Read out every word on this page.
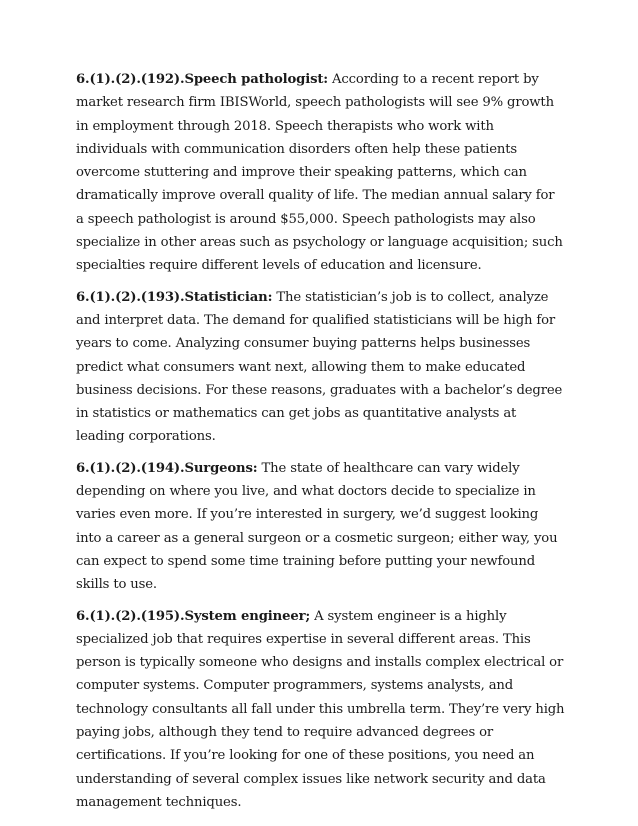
6.(1).(2).(192).Speech pathologist: According to a recent report by market research firm IBISWorld, speech pathologists will see 9% growth in employment through 2018. Speech therapists who work with individuals with communication disorders often help these patients overcome stuttering and improve their speaking patterns, which can dramatically improve overall quality of life. The median annual salary for a speech pathologist is around $55,000. Speech pathologists may also specialize in other areas such as psychology or language acquisition; such specialties require different levels of education and licensure.

6.(1).(2).(193).Statistician: The statistician’s job is to collect, analyze and interpret data. The demand for qualified statisticians will be high for years to come. Analyzing consumer buying patterns helps businesses predict what consumers want next, allowing them to make educated business decisions. For these reasons, graduates with a bachelor’s degree in statistics or mathematics can get jobs as quantitative analysts at leading corporations.

6.(1).(2).(194).Surgeons: The state of healthcare can vary widely depending on where you live, and what doctors decide to specialize in varies even more. If you’re interested in surgery, we’d suggest looking into a career as a general surgeon or a cosmetic surgeon; either way, you can expect to spend some time training before putting your newfound skills to use.

6.(1).(2).(195).System engineer; A system engineer is a highly specialized job that requires expertise in several different areas. This person is typically someone who designs and installs complex electrical or computer systems. Computer programmers, systems analysts, and technology consultants all fall under this umbrella term. They’re very high paying jobs, although they tend to require advanced degrees or certifications. If you’re looking for one of these positions, you need an understanding of several complex issues like network security and data management techniques.
